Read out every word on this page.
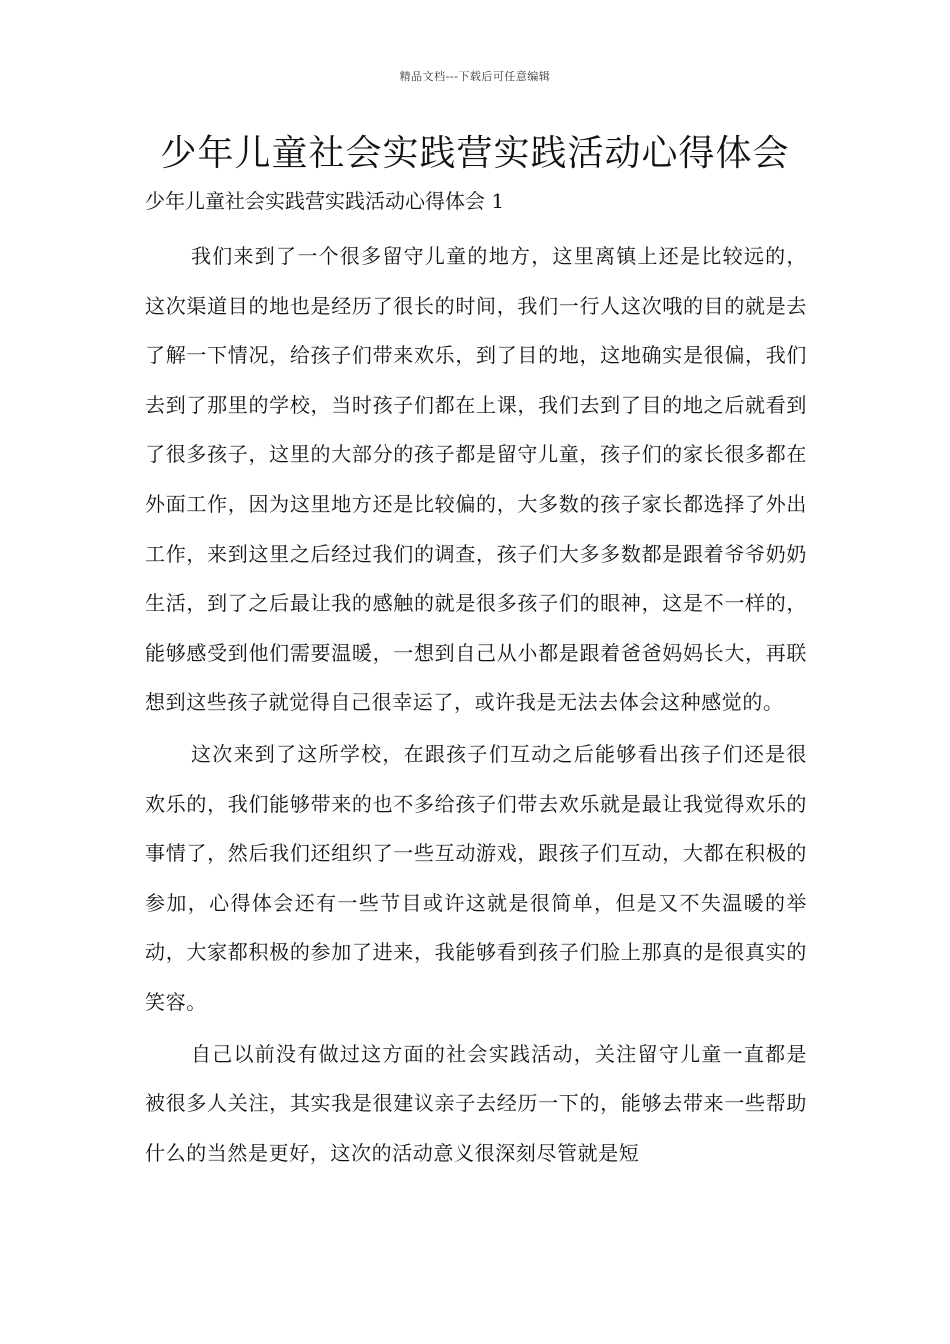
精品文档---下载后可任意编辑
少年儿童社会实践营实践活动心得体会
少年儿童社会实践营实践活动心得体会 1

我们来到了一个很多留守儿童的地方，这里离镇上还是比较远的，这次渠道目的地也是经历了很长的时间，我们一行人这次哦的目的就是去了解一下情况，给孩子们带来欢乐，到了目的地，这地确实是很偏，我们去到了那里的学校，当时孩子们都在上课，我们去到了目的地之后就看到了很多孩子，这里的大部分的孩子都是留守儿童，孩子们的家长很多都在外面工作，因为这里地方还是比较偏的，大多数的孩子家长都选择了外出工作，来到这里之后经过我们的调查，孩子们大多多数都是跟着爷爷奶奶生活，到了之后最让我的感触的就是很多孩子们的眼神，这是不一样的，能够感受到他们需要温暖，一想到自己从小都是跟着爸爸妈妈长大，再联想到这些孩子就觉得自己很幸运了，或许我是无法去体会这种感觉的。

这次来到了这所学校，在跟孩子们互动之后能够看出孩子们还是很欢乐的，我们能够带来的也不多给孩子们带去欢乐就是最让我觉得欢乐的事情了，然后我们还组织了一些互动游戏，跟孩子们互动，大都在积极的参加，心得体会还有一些节目或许这就是很简单，但是又不失温暖的举动，大家都积极的参加了进来，我能够看到孩子们脸上那真的是很真实的笑容。

自己以前没有做过这方面的社会实践活动，关注留守儿童一直都是被很多人关注，其实我是很建议亲子去经历一下的，能够去带来一些帮助什么的当然是更好，这次的活动意义很深刻尽管就是短
